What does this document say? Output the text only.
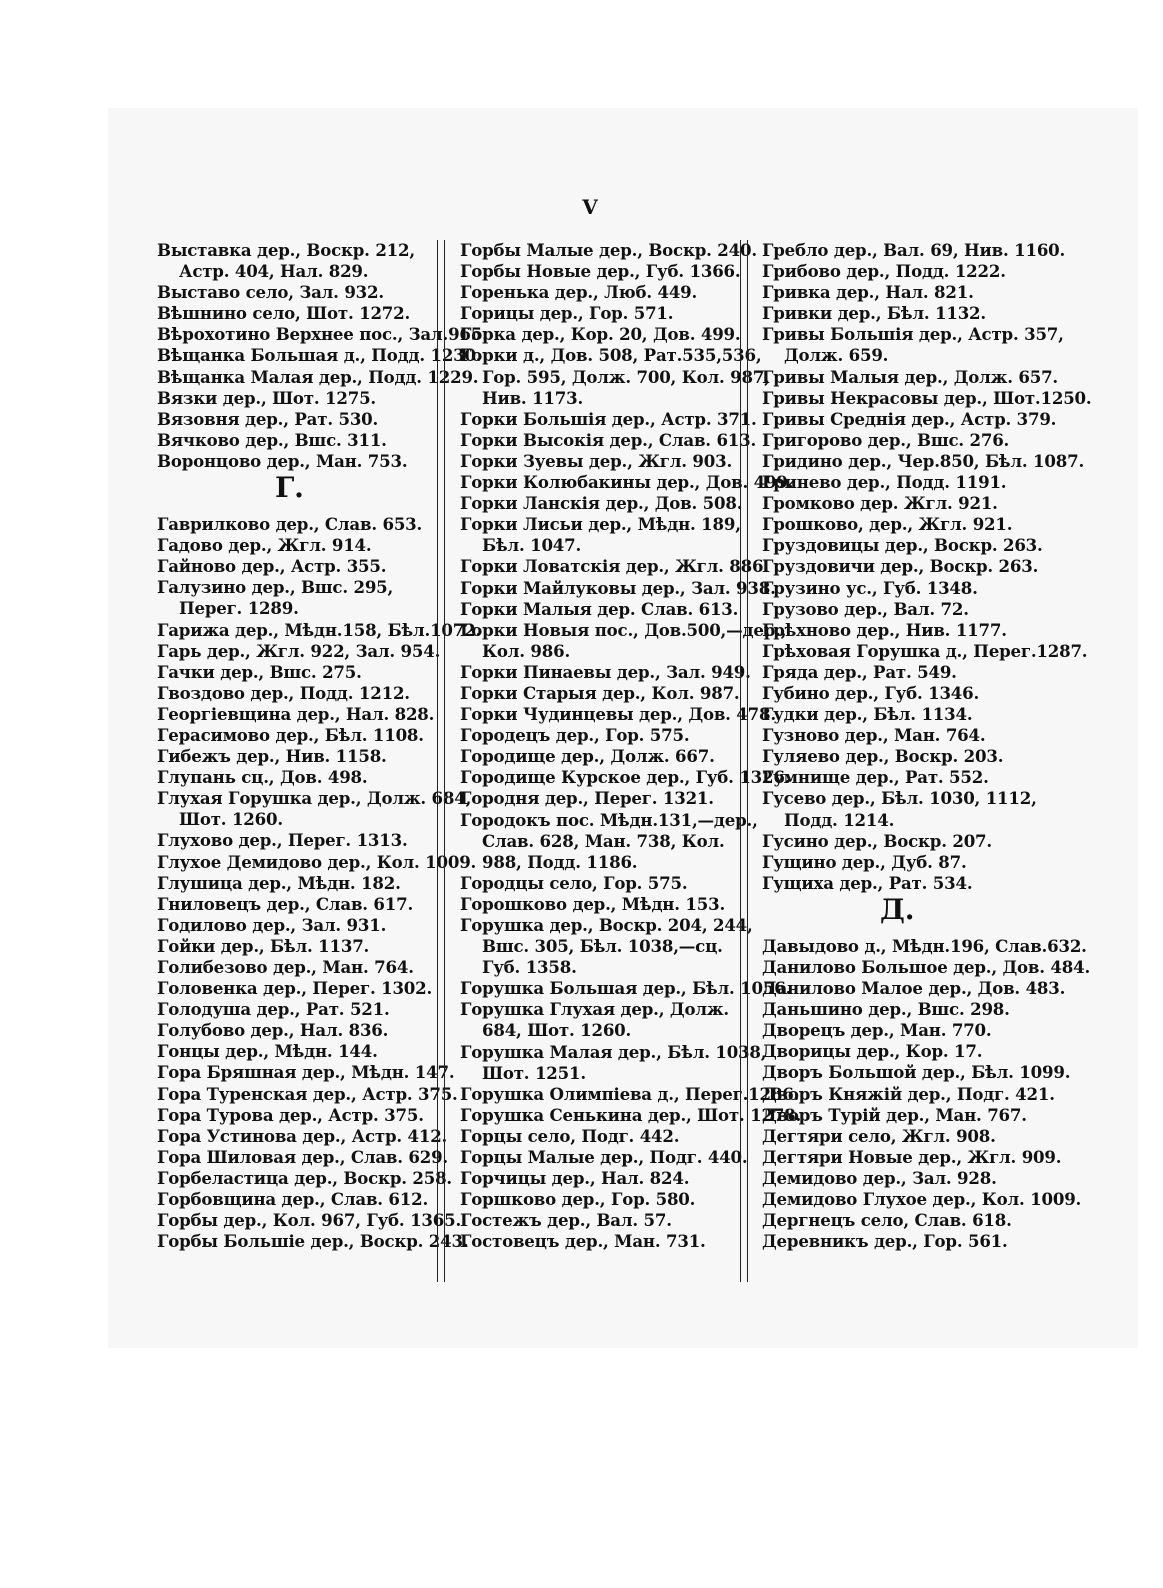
V
Выставка дер., Воскр. 212,
Астр. 404, Нал. 829.
Выставо село, Зал. 932.
Вѣшнино село, Шот. 1272.
Вѣрохотино Верхнее пос., Зал.965.
Вѣщанка Большая д., Подд. 1230.
Вѣщанка Малая дер., Подд. 1229.
Вязки дер., Шот. 1275.
Вязовня дер., Рат. 530.
Вячково дер., Вшс. 311.
Воронцово дер., Ман. 753.
Г.
Гаврилково дер., Слав. 653.
Гадово дер., Жгл. 914.
Гайново дер., Астр. 355.
Галузино дер., Вшс. 295,
Перег. 1289.
Гарижа дер., Мѣдн.158, Бѣл.1072.
Гарь дер., Жгл. 922, Зал. 954.
Гачки дер., Вшс. 275.
Гвоздово дер., Подд. 1212.
Георгіевщина дер., Нал. 828.
Герасимово дер., Бѣл. 1108.
Гибежъ дер., Нив. 1158.
Глупань сц., Дов. 498.
Глухая Горушка дер., Долж. 684,
Шот. 1260.
Глухово дер., Перег. 1313.
Глухое Демидово дер., Кол. 1009.
Глушица дер., Мѣдн. 182.
Гниловецъ дер., Слав. 617.
Годилово дер., Зал. 931.
Гойки дер., Бѣл. 1137.
Голибезово дер., Ман. 764.
Головенка дер., Перег. 1302.
Голодуша дер., Рат. 521.
Голубово дер., Нал. 836.
Гонцы дер., Мѣдн. 144.
Гора Бряшная дер., Мѣдн. 147.
Гора Туренская дер., Астр. 375.
Гора Турова дер., Астр. 375.
Гора Устинова дер., Астр. 412.
Гора Шиловая дер., Слав. 629.
Горбеластица дер., Воскр. 258.
Горбовщина дер., Слав. 612.
Горбы дер., Кол. 967, Губ. 1365.
Горбы Большіе дер., Воскр. 243.
Горбы Малые дер., Воскр. 240.
Горбы Новые дер., Губ. 1366.
Горенька дер., Люб. 449.
Горицы дер., Гор. 571.
Горка дер., Кор. 20, Дов. 499.
Горки д., Дов. 508, Рат.535,536,
Гор. 595, Долж. 700, Кол. 987,
Нив. 1173.
Горки Большія дер., Астр. 371.
Горки Высокія дер., Слав. 613.
Горки Зуевы дер., Жгл. 903.
Горки Колюбакины дер., Дов. 499.
Горки Ланскія дер., Дов. 508.
Горки Лисьи дер., Мѣдн. 189,
Бѣл. 1047.
Горки Ловатскія дер., Жгл. 886.
Горки Майлуковы дер., Зал. 938.
Горки Малыя дер. Слав. 613.
Горки Новыя пос., Дов.500,—дер.,
Кол. 986.
Горки Пинаевы дер., Зал. 949.
Горки Старыя дер., Кол. 987.
Горки Чудинцевы дер., Дов. 478.
Городецъ дер., Гор. 575.
Городище дер., Долж. 667.
Городище Курское дер., Губ. 1326.
Городня дер., Перег. 1321.
Городокъ пос. Мѣдн.131,—дер.,
Слав. 628, Ман. 738, Кол.
988, Подд. 1186.
Городцы село, Гор. 575.
Горошково дер., Мѣдн. 153.
Горушка дер., Воскр. 204, 244,
Вшс. 305, Бѣл. 1038,—сц.
Губ. 1358.
Горушка Большая дер., Бѣл. 1056.
Горушка Глухая дер., Долж.
684, Шот. 1260.
Горушка Малая дер., Бѣл. 1038,
Шот. 1251.
Горушка Олимпіева д., Перег.1286.
Горушка Сенькина дер., Шот. 1278.
Горцы село, Подг. 442.
Горцы Малые дер., Подг. 440.
Горчицы дер., Нал. 824.
Горшково дер., Гор. 580.
Гостежъ дер., Вал. 57.
Гостовецъ дер., Ман. 731.
Гребло дер., Вал. 69, Нив. 1160.
Грибово дер., Подд. 1222.
Гривка дер., Нал. 821.
Гривки дер., Бѣл. 1132.
Гривы Большія дер., Астр. 357,
Долж. 659.
Гривы Малыя дер., Долж. 657.
Гривы Некрасовы дер., Шот.1250.
Гривы Среднія дер., Астр. 379.
Григорово дер., Вшс. 276.
Гридино дер., Чер.850, Бѣл. 1087.
Гринево дер., Подд. 1191.
Громково дер. Жгл. 921.
Грошково, дер., Жгл. 921.
Груздовицы дер., Воскр. 263.
Груздовичи дер., Воскр. 263.
Грузино ус., Губ. 1348.
Грузово дер., Вал. 72.
Грѣхново дер., Нив. 1177.
Грѣховая Горушка д., Перег.1287.
Гряда дер., Рат. 549.
Губино дер., Губ. 1346.
Гудки дер., Бѣл. 1134.
Гузново дер., Ман. 764.
Гуляево дер., Воскр. 203.
Гумнище дер., Рат. 552.
Гусево дер., Бѣл. 1030, 1112,
Подд. 1214.
Гусино дер., Воскр. 207.
Гущино дер., Дуб. 87.
Гущиха дер., Рат. 534.
Д.
Давыдово д., Мѣдн.196, Слав.632.
Данилово Большое дер., Дов. 484.
Данилово Малое дер., Дов. 483.
Даньшино дер., Вшс. 298.
Дворецъ дер., Ман. 770.
Дворицы дер., Кор. 17.
Дворъ Большой дер., Бѣл. 1099.
Дворъ Княжій дер., Подг. 421.
Дворъ Турій дер., Ман. 767.
Дегтяри село, Жгл. 908.
Дегтяри Новые дер., Жгл. 909.
Демидово дер., Зал. 928.
Демидово Глухое дер., Кол. 1009.
Дергнецъ село, Слав. 618.
Деревникъ дер., Гор. 561.
